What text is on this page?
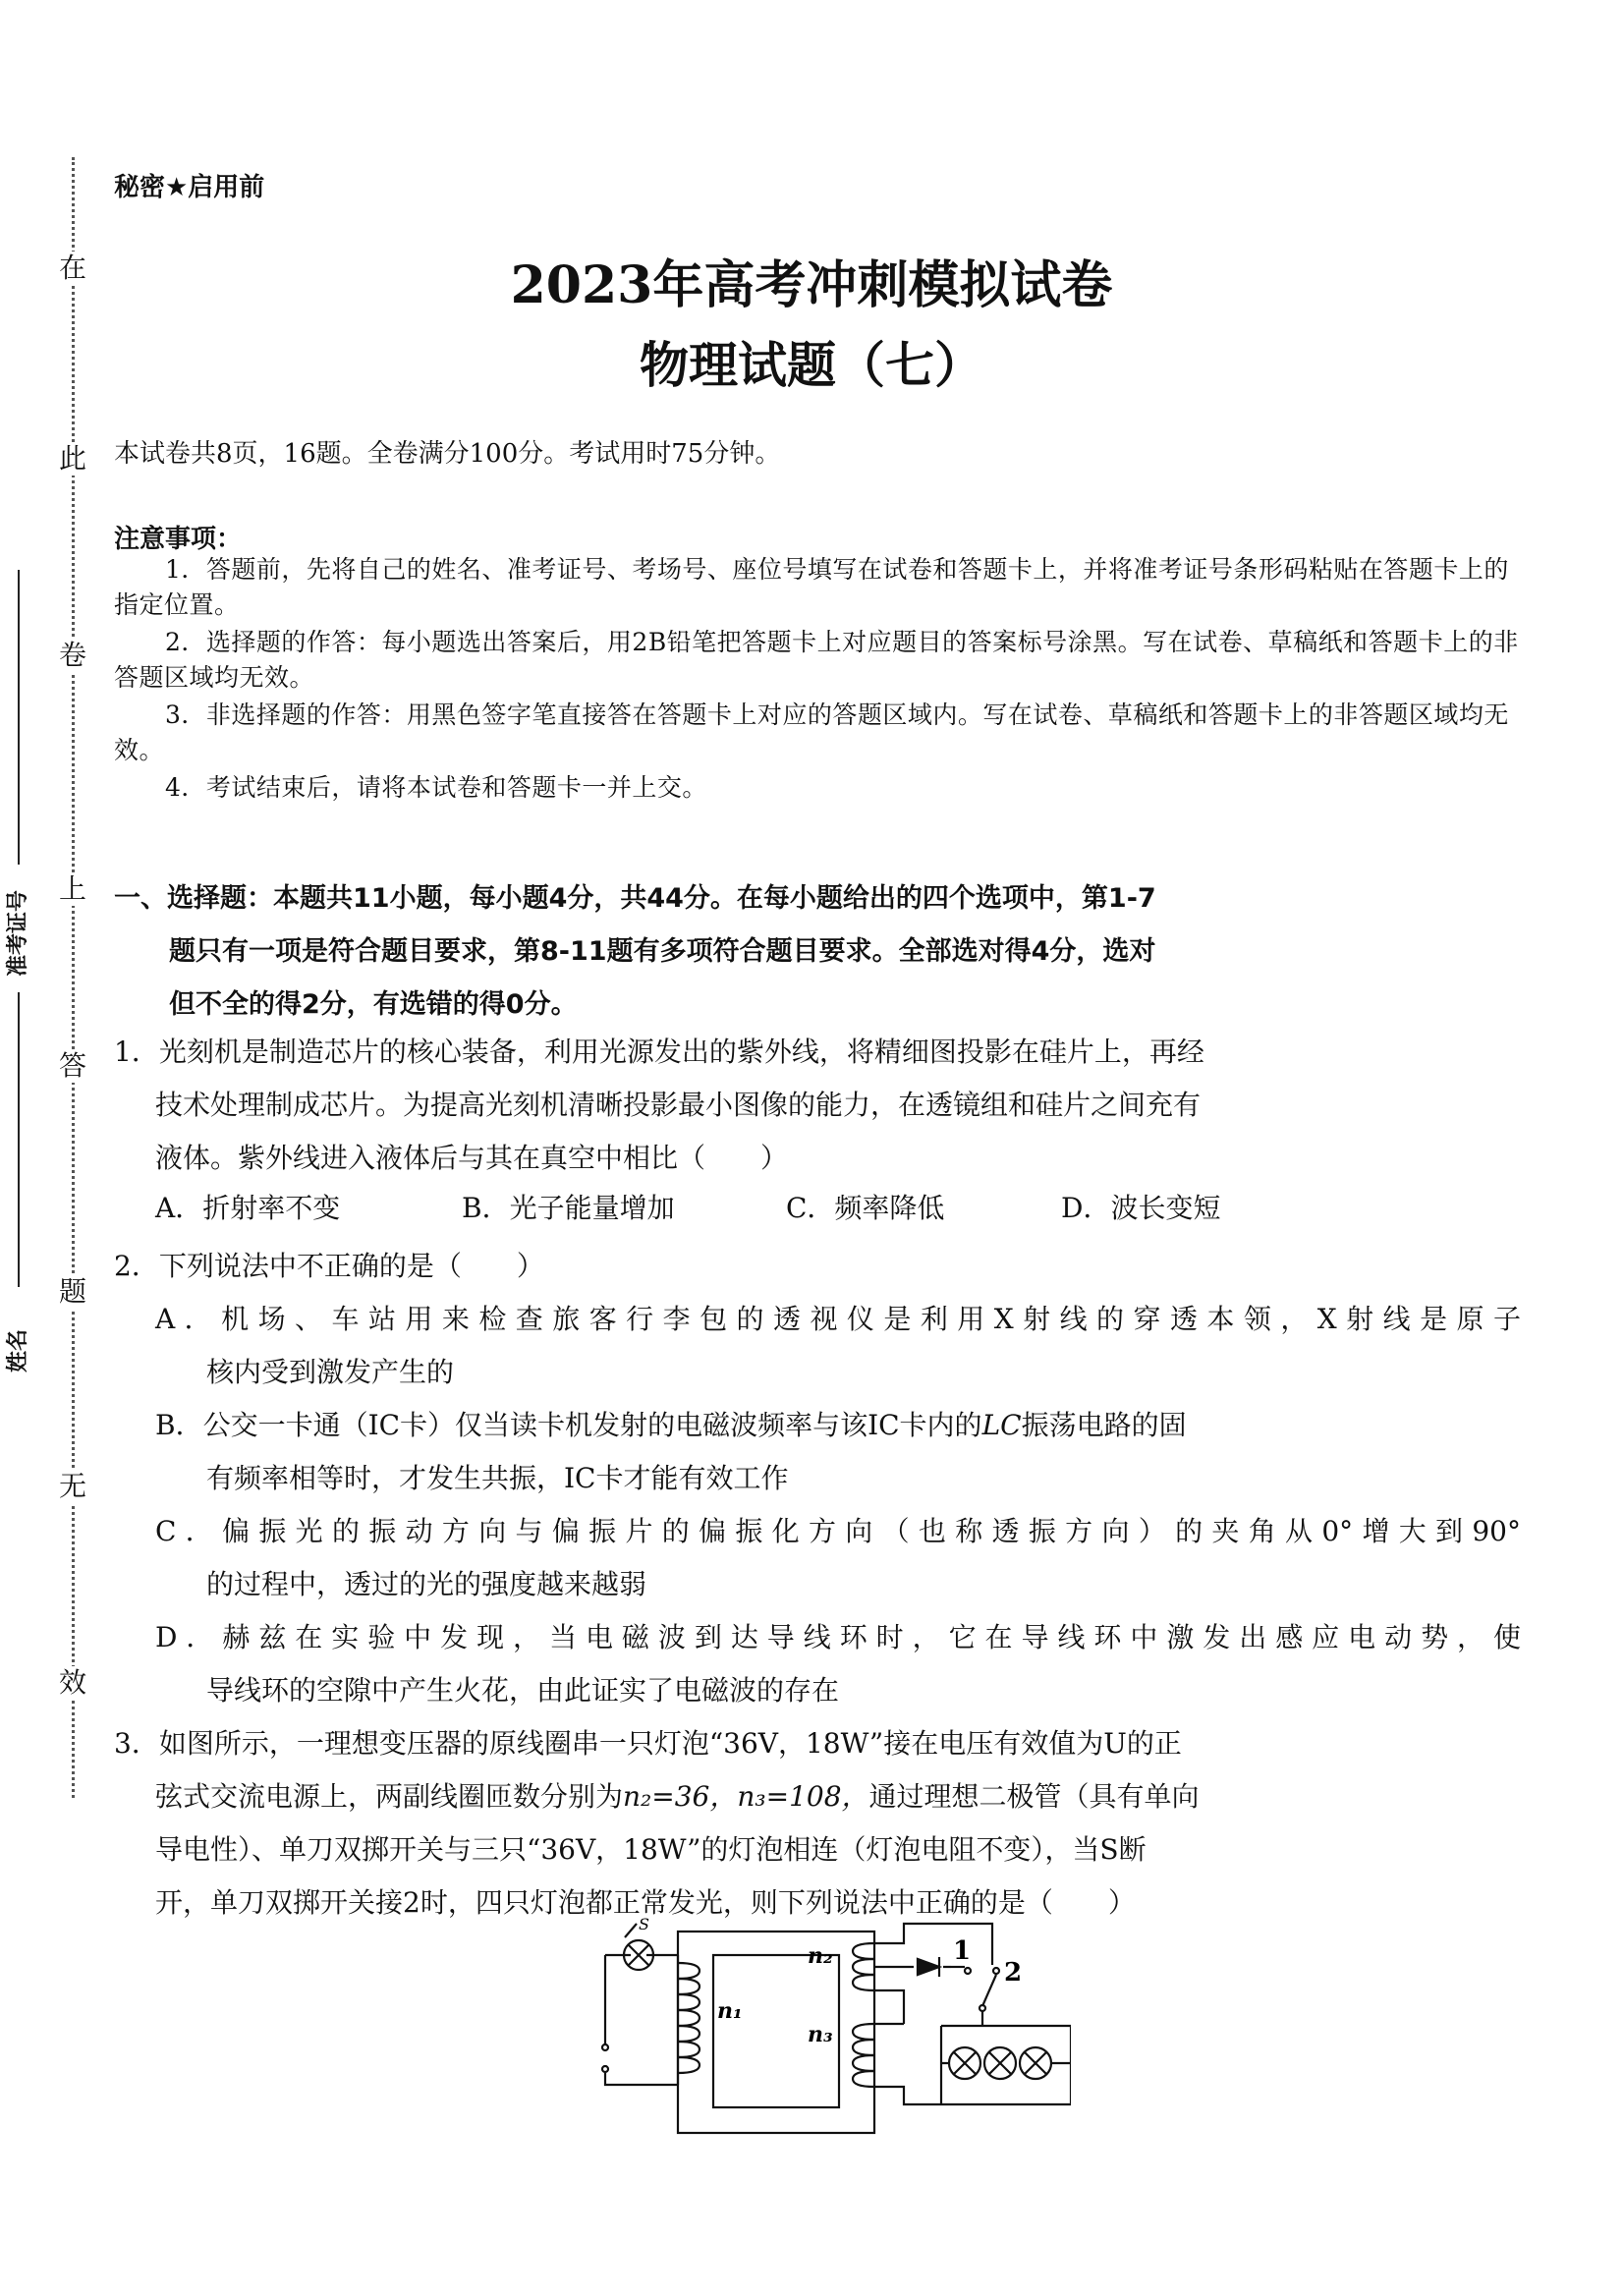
在
此
卷
上
答
题
无
效
准考证号
姓名
秘密★启用前
2023年高考冲刺模拟试卷
物理试题（七）
本试卷共8页，16题。全卷满分100分。考试用时75分钟。
注意事项：
1．答题前，先将自己的姓名、准考证号、考场号、座位号填写在试卷和答题卡上，并将准考证号条形码粘贴在答题卡上的指定位置。
2．选择题的作答：每小题选出答案后，用2B铅笔把答题卡上对应题目的答案标号涂黑。写在试卷、草稿纸和答题卡上的非答题区域均无效。
3．非选择题的作答：用黑色签字笔直接答在答题卡上对应的答题区域内。写在试卷、草稿纸和答题卡上的非答题区域均无效。
4．考试结束后，请将本试卷和答题卡一并上交。
一、选择题：本题共11小题，每小题4分，共44分。在每小题给出的四个选项中，第1-7
题只有一项是符合题目要求，第8-11题有多项符合题目要求。全部选对得4分，选对
但不全的得2分，有选错的得0分。
1．光刻机是制造芯片的核心装备，利用光源发出的紫外线，将精细图投影在硅片上，再经
技术处理制成芯片。为提高光刻机清晰投影最小图像的能力，在透镜组和硅片之间充有
液体。紫外线进入液体后与其在真空中相比（　　）
A．折射率不变	B．光子能量增加	C．频率降低	D．波长变短
2．下列说法中不正确的是（　　）
A．机场、车站用来检查旅客行李包的透视仪是利用X射线的穿透本领，X射线是原子
核内受到激发产生的
B．公交一卡通（IC卡）仅当读卡机发射的电磁波频率与该IC卡内的LC振荡电路的固
有频率相等时，才发生共振，IC卡才能有效工作
C．偏振光的振动方向与偏振片的偏振化方向（也称透振方向）的夹角从0°增大到90°
的过程中，透过的光的强度越来越弱
D．赫兹在实验中发现，当电磁波到达导线环时，它在导线环中激发出感应电动势，使
导线环的空隙中产生火花，由此证实了电磁波的存在
3．如图所示，一理想变压器的原线圈串一只灯泡“36V，18W”接在电压有效值为U的正
弦式交流电源上，两副线圈匝数分别为n₂=36，n₃=108，通过理想二极管（具有单向
导电性）、单刀双掷开关与三只“36V，18W”的灯泡相连（灯泡电阻不变），当S断
开，单刀双掷开关接2时，四只灯泡都正常发光，则下列说法中正确的是（　　）
S
n₁
n₂
n₃
1
2
